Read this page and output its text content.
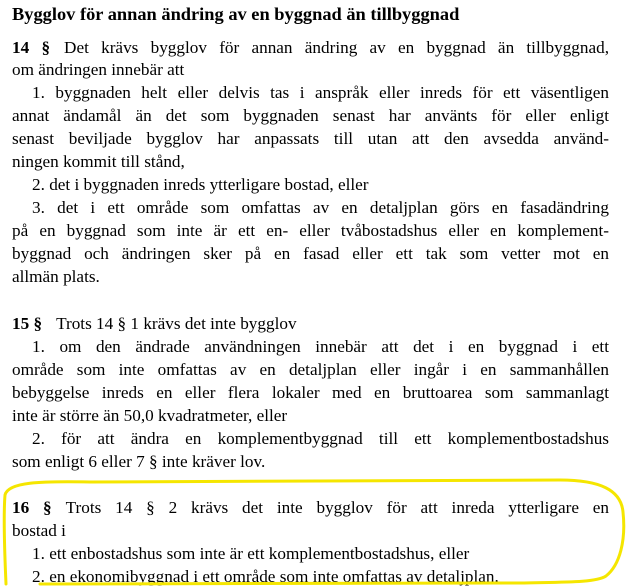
Bygglov för annan ändring av en byggnad än tillbyggnad
14 § Det krävs bygglov för annan ändring av en byggnad än tillbyggnad,
om ändringen innebär att
1. byggnaden helt eller delvis tas i anspråk eller inreds för ett väsentligen
annat ändamål än det som byggnaden senast har använts för eller enligt
senast beviljade bygglov har anpassats till utan att den avsedda använd-
ningen kommit till stånd,
2. det i byggnaden inreds ytterligare bostad, eller
3. det i ett område som omfattas av en detaljplan görs en fasadändring
på en byggnad som inte är ett en- eller tvåbostadshus eller en komplement-
byggnad och ändringen sker på en fasad eller ett tak som vetter mot en
allmän plats.
15 § Trots 14 § 1 krävs det inte bygglov
1. om den ändrade användningen innebär att det i en byggnad i ett
område som inte omfattas av en detaljplan eller ingår i en sammanhållen
bebyggelse inreds en eller flera lokaler med en bruttoarea som sammanlagt
inte är större än 50,0 kvadratmeter, eller
2. för att ändra en komplementbyggnad till ett komplementbostadshus
som enligt 6 eller 7 § inte kräver lov.
16 § Trots 14 § 2 krävs det inte bygglov för att inreda ytterligare en
bostad i
1. ett enbostadshus som inte är ett komplementbostadshus, eller
2. en ekonomibyggnad i ett område som inte omfattas av detaljplan.
